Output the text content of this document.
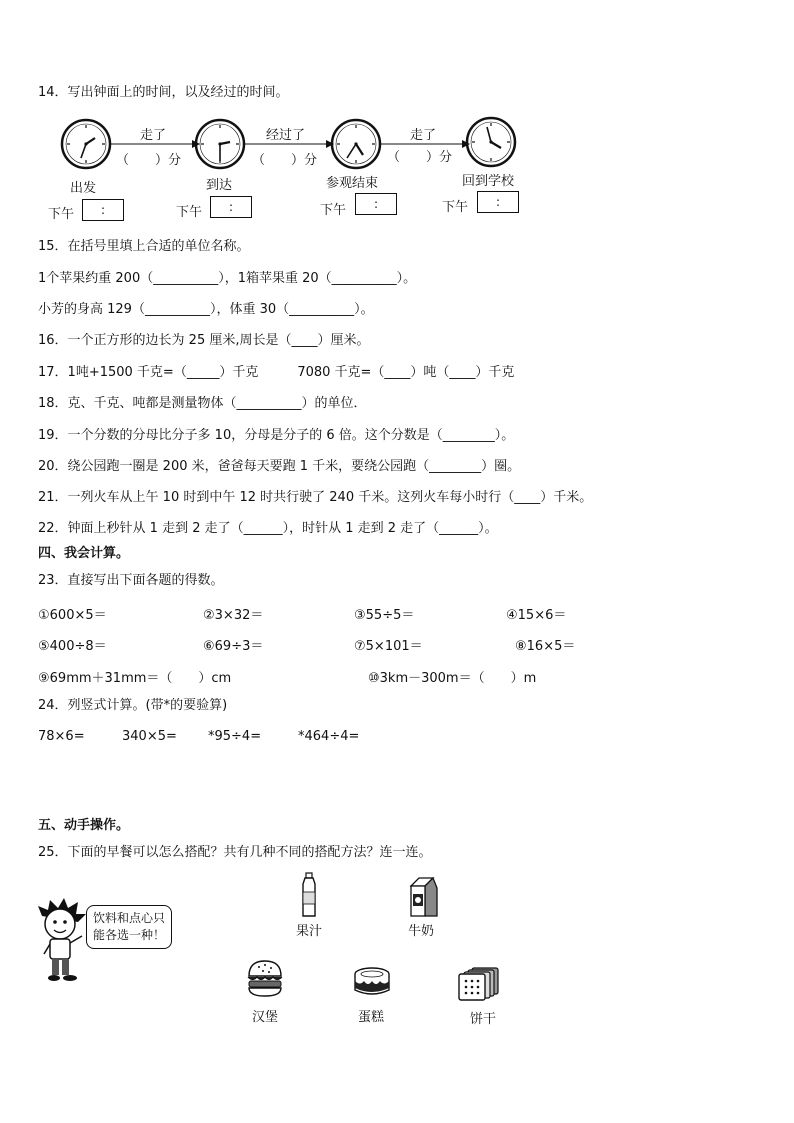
14．写出钟面上的时间，以及经过的时间。
走了	经过了	走了
（　　）分	（　　）分	（　　）分
出发	到达	参观结束	回到学校
下午	:	下午	:	下午	:	下午	:
15．在括号里填上合适的单位名称。
1个苹果约重 200（__________），1箱苹果重 20（__________）。
小芳的身高 129（__________），体重 30（__________）。
16．一个正方形的边长为 25 厘米,周长是（____）厘米。
17．1吨+1500 千克=（_____）千克　　　7080 千克=（____）吨（____）千克
18．克、千克、吨都是测量物体（__________）的单位．
19．一个分数的分母比分子多 10，分母是分子的 6 倍。这个分数是（________）。
20．绕公园跑一圈是 200 米，爸爸每天要跑 1 千米，要绕公园跑（________）圈。
21．一列火车从上午 10 时到中午 12 时共行驶了 240 千米。这列火车每小时行（____）千米。
22．钟面上秒针从 1 走到 2 走了（______），时针从 1 走到 2 走了（______）。
四、我会计算。
23．直接写出下面各题的得数。
①600×5＝	②3×32＝	③55÷5＝	④15×6＝
⑤400÷8＝	⑥69÷3＝	⑦5×101＝	⑧16×5＝
⑨69mm＋31mm＝（　　）cm	⑩3km－300m＝（　　）m
24．列竖式计算。(带*的要验算)
78×6=	340×5= *95÷4=	*464÷4=
五、动手操作。
25．下面的早餐可以怎么搭配？共有几种不同的搭配方法？连一连。
饮料和点心只
能各选一种！	果汁	牛奶
汉堡	蛋糕	饼干
